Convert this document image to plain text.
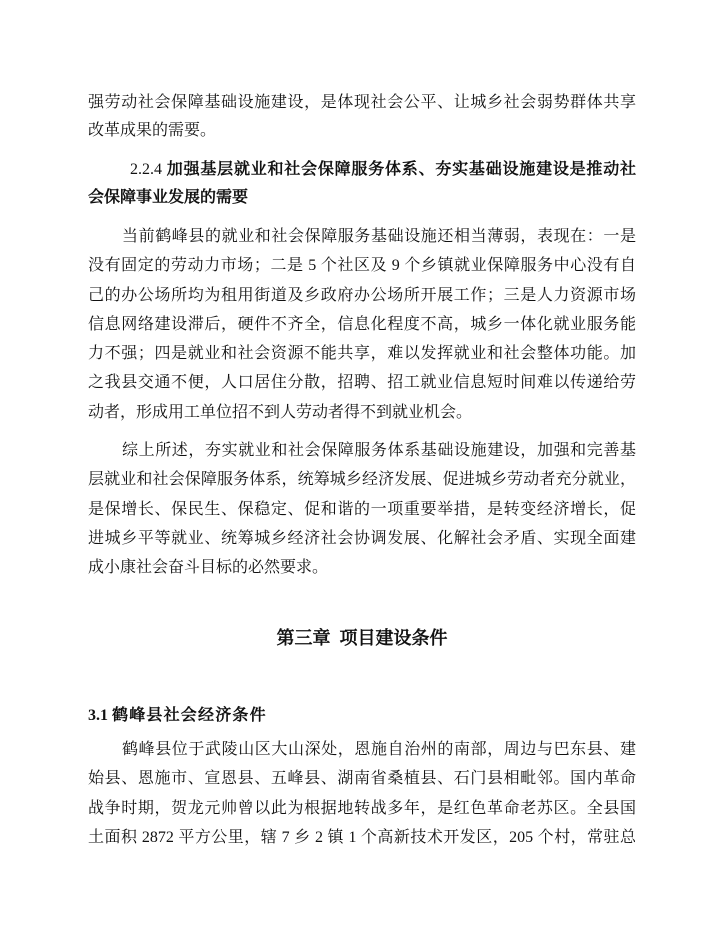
强劳动社会保障基础设施建设，是体现社会公平、让城乡社会弱势群体共享
改革成果的需要。
2.2.4 加强基层就业和社会保障服务体系、夯实基础设施建设是推动社
会保障事业发展的需要
当前鹤峰县的就业和社会保障服务基础设施还相当薄弱，表现在：一是
没有固定的劳动力市场；二是 5 个社区及 9 个乡镇就业保障服务中心没有自
己的办公场所均为租用街道及乡政府办公场所开展工作；三是人力资源市场
信息网络建设滞后，硬件不齐全，信息化程度不高，城乡一体化就业服务能
力不强；四是就业和社会资源不能共享，难以发挥就业和社会整体功能。加
之我县交通不便，人口居住分散，招聘、招工就业信息短时间难以传递给劳
动者，形成用工单位招不到人劳动者得不到就业机会。
综上所述，夯实就业和社会保障服务体系基础设施建设，加强和完善基
层就业和社会保障服务体系，统筹城乡经济发展、促进城乡劳动者充分就业，
是保增长、保民生、保稳定、促和谐的一项重要举措，是转变经济增长，促
进城乡平等就业、统筹城乡经济社会协调发展、化解社会矛盾、实现全面建
成小康社会奋斗目标的必然要求。
第三章  项目建设条件
3.1 鹤峰县社会经济条件
鹤峰县位于武陵山区大山深处，恩施自治州的南部，周边与巴东县、建
始县、恩施市、宣恩县、五峰县、湖南省桑植县、石门县相毗邻。国内革命
战争时期，贺龙元帅曾以此为根据地转战多年，是红色革命老苏区。全县国
土面积 2872 平方公里，辖 7 乡 2 镇 1 个高新技术开发区，205 个村，常驻总
